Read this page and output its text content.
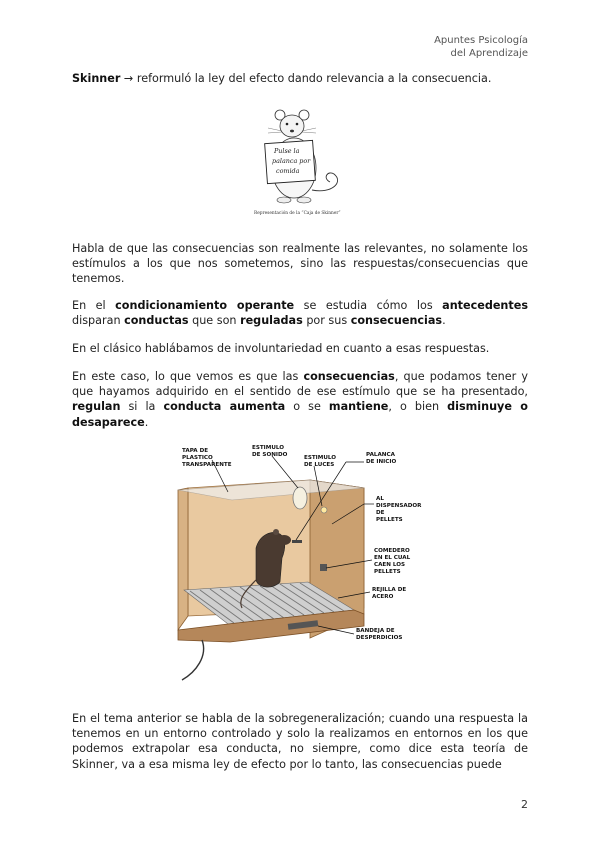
Apuntes Psicología
del Aprendizaje

Skinner → reformuló la ley del efecto dando relevancia a la consecuencia.

Pulse la
palanca por
comida
Representación de la “Caja de Skinner”

Habla de que las consecuencias son realmente las relevantes, no solamente los estímulos a los que nos sometemos, sino las respuestas/consecuencias que tenemos.

En el condicionamiento operante se estudia cómo los antecedentes disparan conductas que son reguladas por sus consecuencias.

En el clásico hablábamos de involuntariedad en cuanto a esas respuestas.

En este caso, lo que vemos es que las consecuencias, que podamos tener y que hayamos adquirido en el sentido de ese estímulo que se ha presentado, regulan si la conducta aumenta o se mantiene, o bien disminuye o desaparece.

TAPA DE
PLASTICO
TRANSPARENTE
ESTIMULO
DE SONIDO	ESTIMULO
DE LUCES
PALANCA
DE INICIO
AL
DISPENSADOR
DE
PELLETS
COMEDERO
EN EL CUAL
CAEN LOS
PELLETS
REJILLA DE
ACERO
BANDEJA DE
DESPERDICIOS

En el tema anterior se habla de la sobregeneralización; cuando una respuesta la tenemos en un entorno controlado y solo la realizamos en entornos en los que podemos extrapolar esa conducta, no siempre, como dice esta teoría de Skinner, va a esa misma ley de efecto por lo tanto, las consecuencias puede

2
